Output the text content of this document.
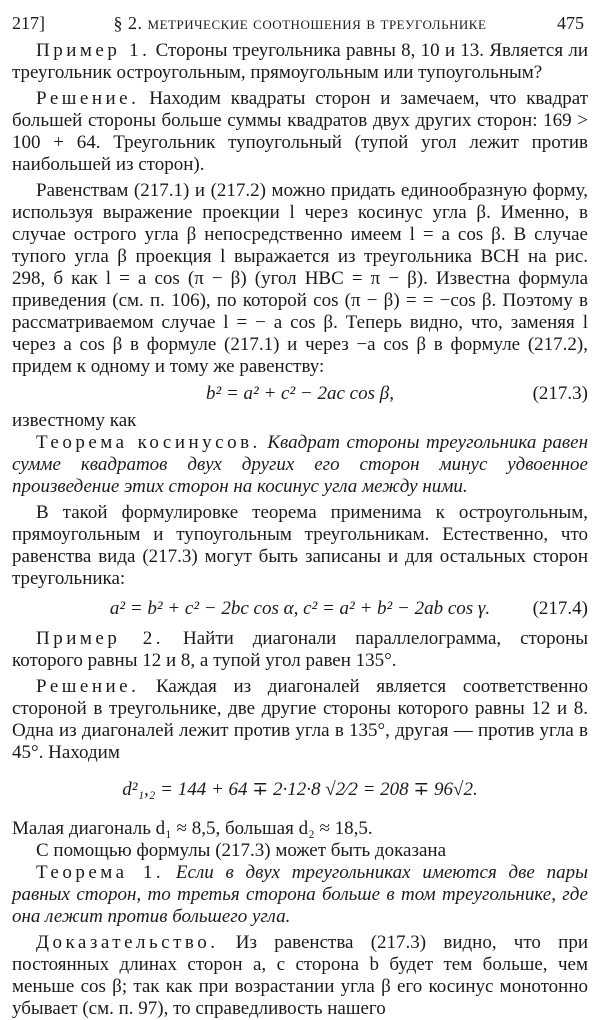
217]	§ 2. метрические соотношения в треугольнике	475

Пример 1. Стороны треугольника равны 8, 10 и 13. Является ли треугольник остроугольным, прямоугольным или тупоугольным?

Решение. Находим квадраты сторон и замечаем, что квадрат большей стороны больше суммы квадратов двух других сторон: 169 > 100 + 64. Треугольник тупоугольный (тупой угол лежит против наибольшей из сторон).

Равенствам (217.1) и (217.2) можно придать единообразную форму, используя выражение проекции l через косинус угла β. Именно, в случае острого угла β непосредственно имеем l = a cos β. В случае тупого угла β проекция l выражается из треугольника BCH на рис. 298, б как l = a cos (π − β) (угол HBC = π − β). Известна формула приведения (см. п. 106), по которой cos (π − β) = = −cos β. Поэтому в рассматриваемом случае l = − a cos β. Теперь видно, что, заменяя l через a cos β в формуле (217.1) и через −a cos β в формуле (217.2), придем к одному и тому же равенству:

b² = a² + c² − 2ac cos β,	(217.3)

известному как

Теорема косинусов. Квадрат стороны треугольника равен сумме квадратов двух других его сторон минус удвоенное произведение этих сторон на косинус угла между ними.

В такой формулировке теорема применима к остроугольным, прямоугольным и тупоугольным треугольникам. Естественно, что равенства вида (217.3) могут быть записаны и для остальных сторон треугольника:

a² = b² + c² − 2bc cos α, c² = a² + b² − 2ab cos γ.	(217.4)

Пример 2. Найти диагонали параллелограмма, стороны которого равны 12 и 8, а тупой угол равен 135°.

Решение. Каждая из диагоналей является соответственно стороной в треугольнике, две другие стороны которого равны 12 и 8. Одна из диагоналей лежит против угла в 135°, другая — против угла в 45°. Находим

d²₁,₂ = 144 + 64 ∓ 2·12·8 √2⁄2 = 208 ∓ 96√2.

Малая диагональ d₁ ≈ 8,5, большая d₂ ≈ 18,5.

С помощью формулы (217.3) может быть доказана

Теорема 1. Если в двух треугольниках имеются две пары равных сторон, то третья сторона больше в том треугольнике, где она лежит против большего угла.

Доказательство. Из равенства (217.3) видно, что при постоянных длинах сторон a, c сторона b будет тем больше, чем меньше cos β; так как при возрастании угла β его косинус монотонно убывает (см. п. 97), то справедливость нашего
